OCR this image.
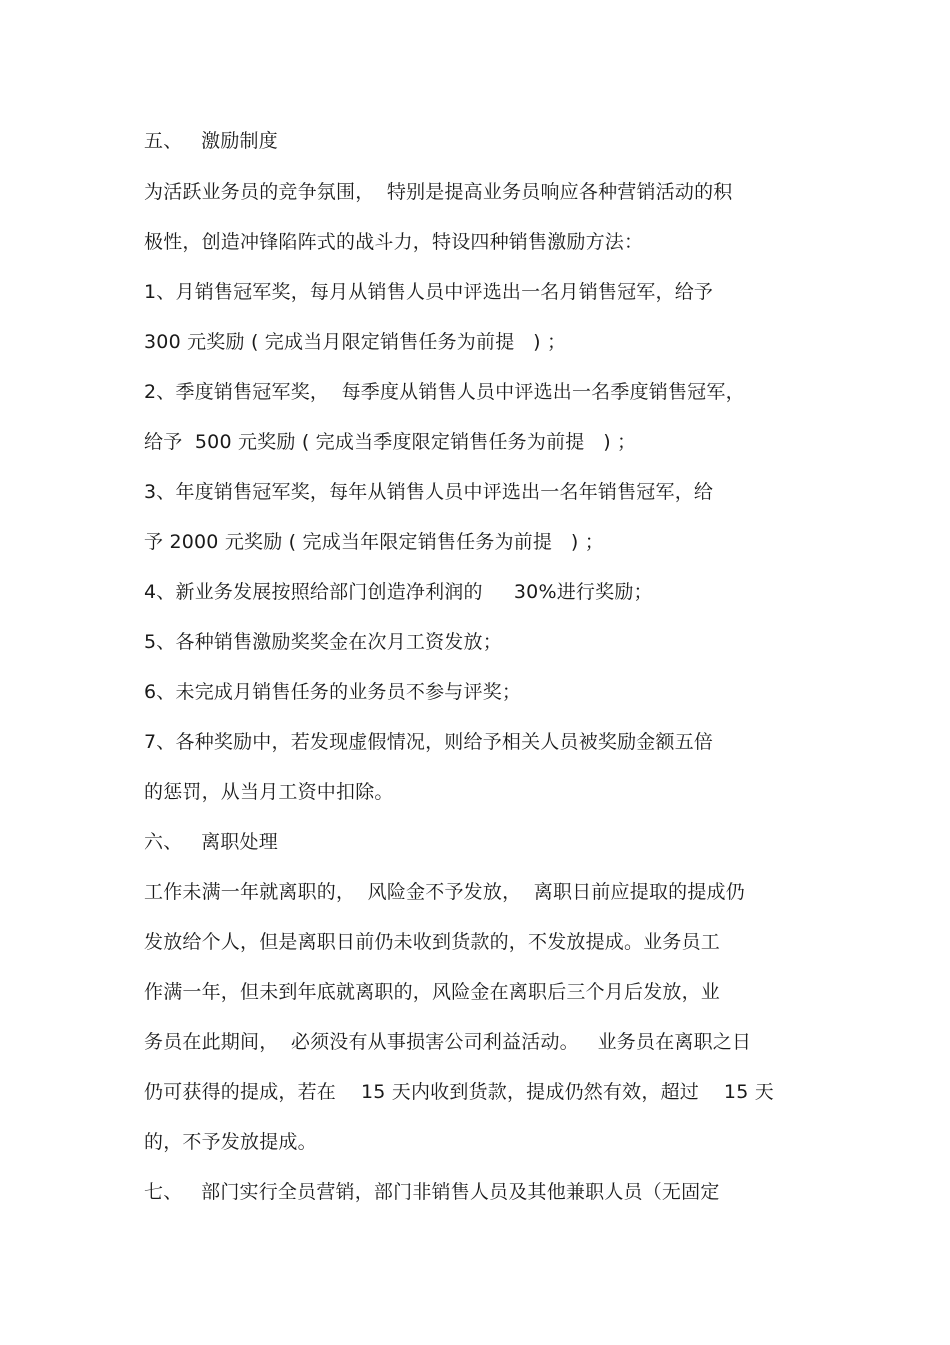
五、   激励制度
为活跃业务员的竞争氛围，  特别是提高业务员响应各种营销活动的积
极性，创造冲锋陷阵式的战斗力，特设四种销售激励方法：
1、月销售冠军奖，每月从销售人员中评选出一名月销售冠军，给予
300 元奖励 ( 完成当月限定销售任务为前提   ) ；
2、季度销售冠军奖，  每季度从销售人员中评选出一名季度销售冠军，
给予  500 元奖励 ( 完成当季度限定销售任务为前提   ) ；
3、年度销售冠军奖，每年从销售人员中评选出一名年销售冠军，给
予 2000 元奖励 ( 完成当年限定销售任务为前提   ) ；
4、新业务发展按照给部门创造净利润的     30%进行奖励；
5、各种销售激励奖奖金在次月工资发放；
6、未完成月销售任务的业务员不参与评奖；
7、各种奖励中，若发现虚假情况，则给予相关人员被奖励金额五倍
的惩罚，从当月工资中扣除。
六、   离职处理
工作未满一年就离职的，  风险金不予发放，  离职日前应提取的提成仍
发放给个人，但是离职日前仍未收到货款的，不发放提成。业务员工
作满一年，但未到年底就离职的，风险金在离职后三个月后发放，业
务员在此期间，  必须没有从事损害公司利益活动。   业务员在离职之日
仍可获得的提成，若在    15 天内收到货款，提成仍然有效，超过    15 天
的，不予发放提成。
七、   部门实行全员营销，部门非销售人员及其他兼职人员（无固定
